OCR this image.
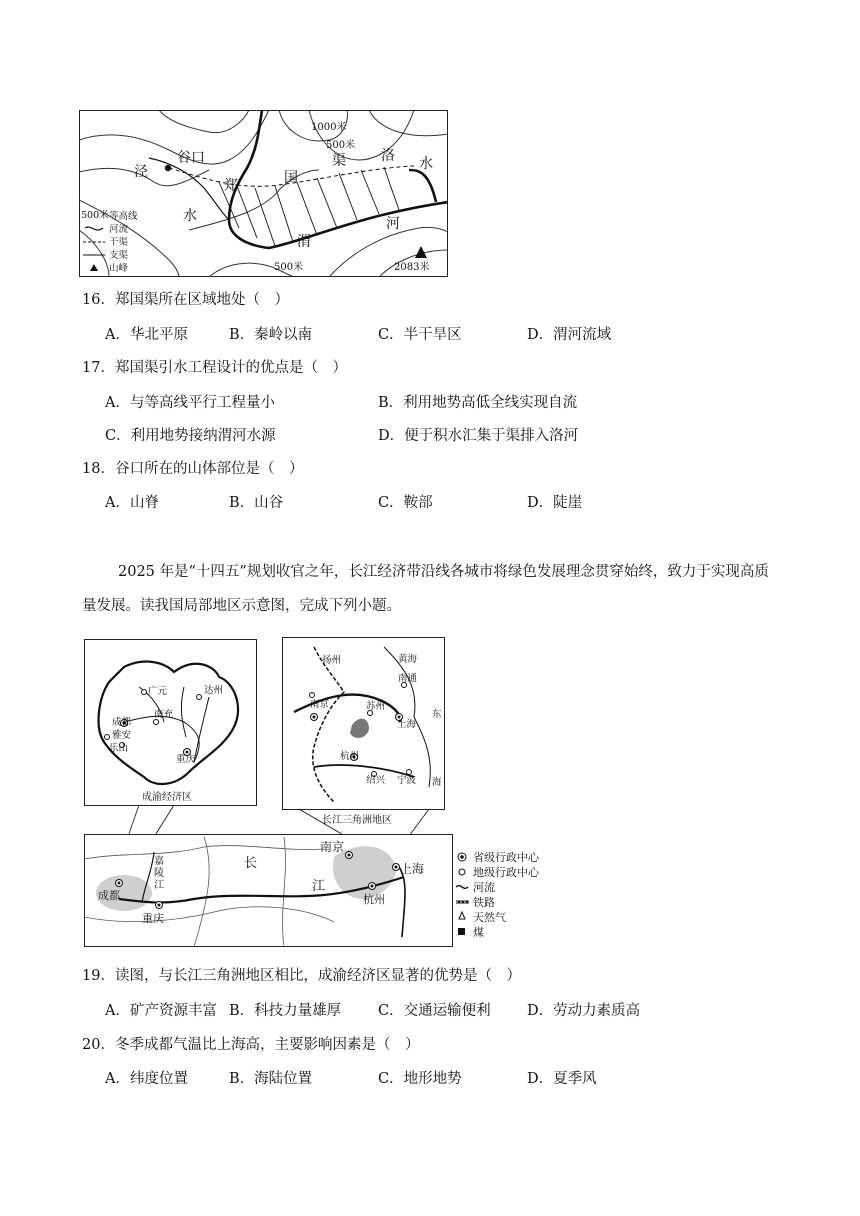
泾
谷口
郑	国
渠	洛 水
水
渭
河
1000米
500米
500米	2083米
500米 等高线
河流
干渠
支渠
山峰
16．郑国渠所在区域地处（　）
A．华北平原	B．秦岭以南	C．半干旱区	D．渭河流域
17．郑国渠引水工程设计的优点是（　）
A．与等高线平行工程量小	B．利用地势高低全线实现自流
C．利用地势接纳渭河水源	D．便于积水汇集于渠排入洛河
18．谷口所在的山体部位是（　）
A．山脊	B．山谷	C．鞍部	D．陡崖
2025 年是“十四五”规划收官之年，长江经济带沿线各城市将绿色发展理念贯穿始终，致力于实现高质量发展。读我国局部地区示意图，完成下列小题。
广元	达州
成都
南充
雅安
乐山
重庆
成渝经济区
扬州	黄海
南通
南京	苏州
上海
东
杭州
绍兴 宁波 海
长江三角洲地区
嘉
陵
江
长
江
南京
上海
成都
重庆
杭州
省级行政中心
地级行政中心
河流
铁路
天然气
煤
19．读图，与长江三角洲地区相比，成渝经济区显著的优势是（　）
A．矿产资源丰富 B．科技力量雄厚	C．交通运输便利	D．劳动力素质高
20．冬季成都气温比上海高，主要影响因素是（　）
A．纬度位置	B．海陆位置	C．地形地势	D．夏季风
